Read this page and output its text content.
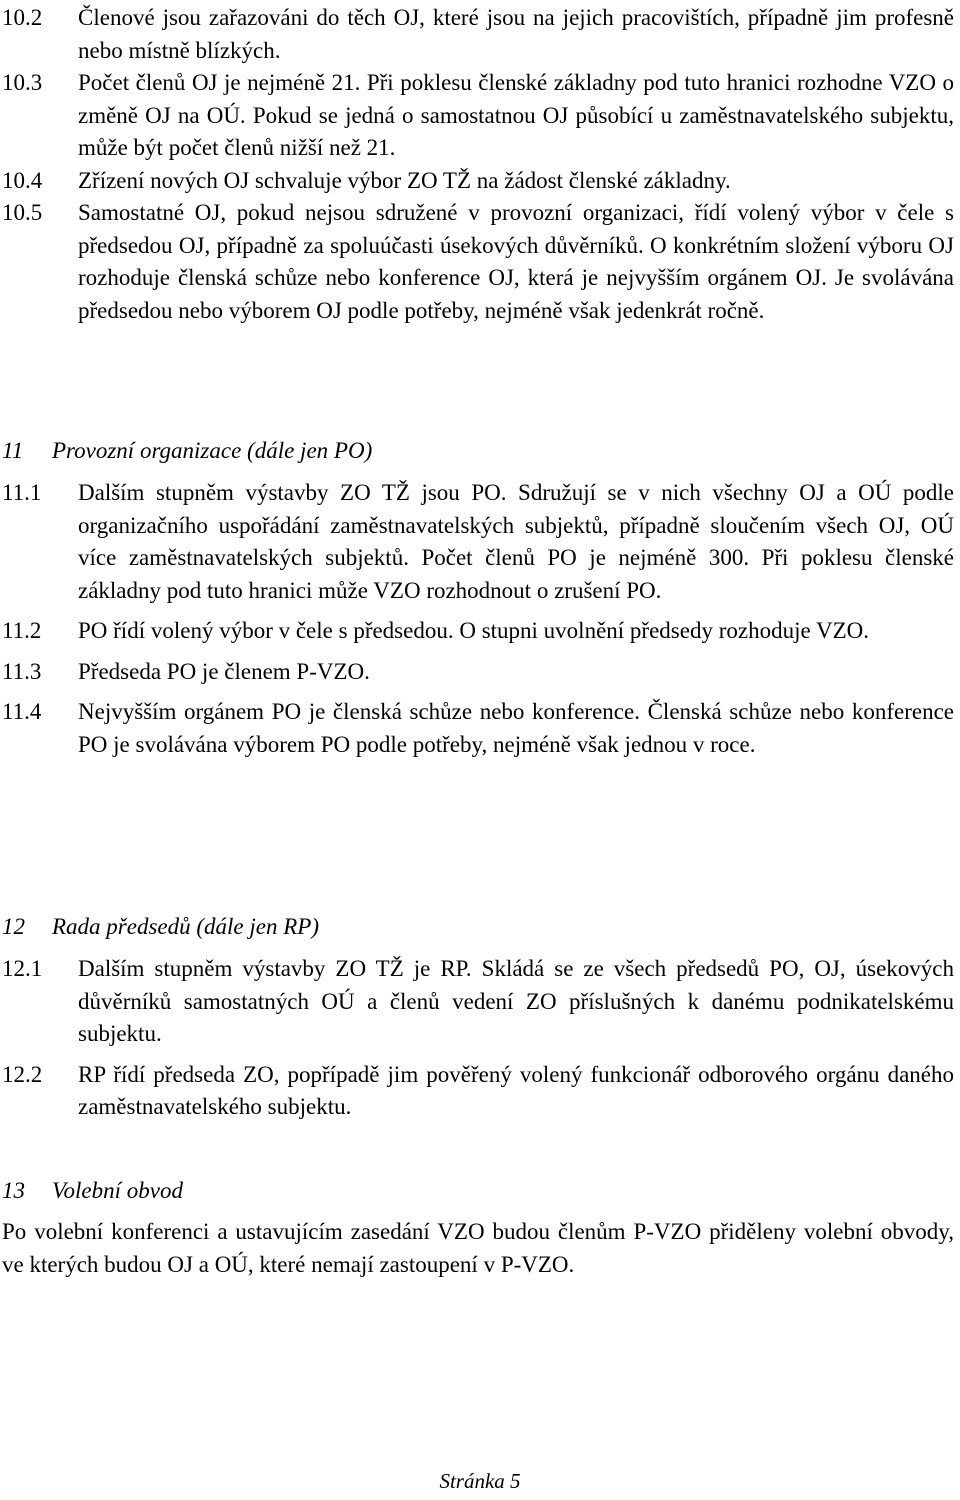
10.2	Členové jsou zařazováni do těch OJ, které jsou na jejich pracovištích, případně jim profesně nebo místně blízkých.
10.3	Počet členů OJ je nejméně 21. Při poklesu členské základny pod tuto hranici rozhodne VZO o změně OJ na OÚ. Pokud se jedná o samostatnou OJ působící u zaměstnavatelského subjektu, může být počet členů nižší než 21.
10.4	Zřízení nových OJ schvaluje výbor ZO TŽ na žádost členské základny.
10.5	Samostatné OJ, pokud nejsou sdružené v provozní organizaci, řídí volený výbor v čele s předsedou OJ, případně za spoluúčasti úsekových důvěrníků. O konkrétním složení výboru OJ rozhoduje členská schůze nebo konference OJ, která je nejvyšším orgánem OJ. Je svolávána předsedou nebo výborem OJ podle potřeby, nejméně však jedenkrát ročně.
11	Provozní organizace (dále jen PO)
11.1	Dalším stupněm výstavby ZO TŽ jsou PO. Sdružují se v nich všechny OJ a OÚ podle organizačního uspořádání zaměstnavatelských subjektů, případně sloučením všech OJ, OÚ více zaměstnavatelských subjektů. Počet členů PO je nejméně 300. Při poklesu členské základny pod tuto hranici může VZO rozhodnout o zrušení PO.
11.2	PO řídí volený výbor v čele s předsedou. O stupni uvolnění předsedy rozhoduje VZO.
11.3	Předseda PO je členem P-VZO.
11.4	Nejvyšším orgánem PO je členská schůze nebo konference. Členská schůze nebo konference PO je svolávána výborem PO podle potřeby, nejméně však jednou v roce.
12	Rada předsedů (dále jen RP)
12.1	Dalším stupněm výstavby ZO TŽ je RP. Skládá se ze všech předsedů PO, OJ, úsekových důvěrníků samostatných OÚ a členů vedení ZO příslušných k danému podnikatelskému subjektu.
12.2	RP řídí předseda ZO, popřípadě jim pověřený volený funkcionář odborového orgánu daného zaměstnavatelského subjektu.
13	Volební obvod
Po volební konferenci a ustavujícím zasedání VZO budou členům P-VZO přiděleny volební obvody, ve kterých budou OJ a OÚ, které nemají zastoupení v P-VZO.
Stránka 5
